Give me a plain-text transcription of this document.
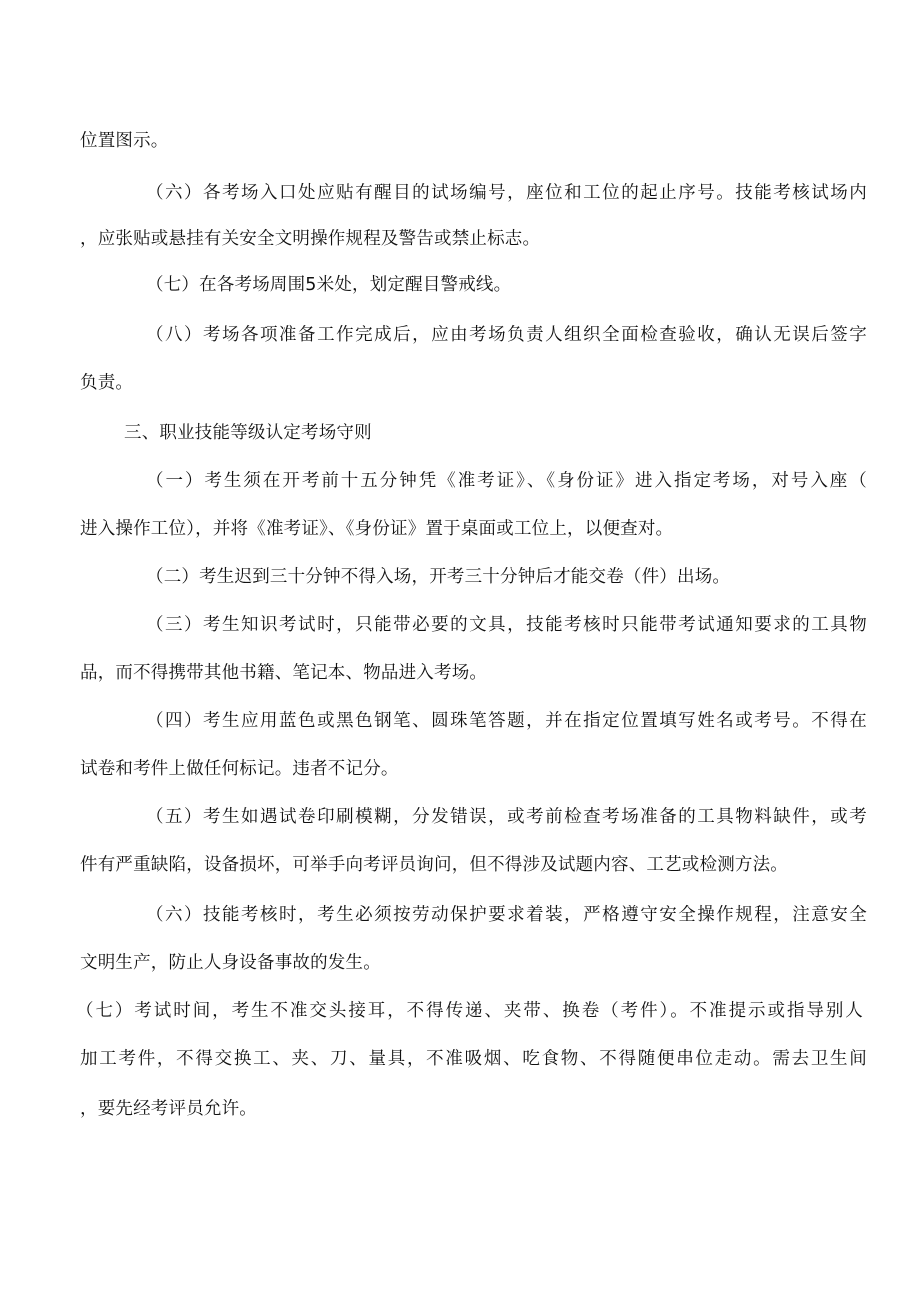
位置图示。
（六）各考场入口处应贴有醒目的试场编号，座位和工位的起止序号。技能考核试场内
，应张贴或悬挂有关安全文明操作规程及警告或禁止标志。
（七）在各考场周围5米处，划定醒目警戒线。
（八）考场各项准备工作完成后，应由考场负责人组织全面检查验收，确认无误后签字
负责。
三、职业技能等级认定考场守则
（一）考生须在开考前十五分钟凭《准考证》、《身份证》进入指定考场，对号入座（
进入操作工位），并将《准考证》、《身份证》置于桌面或工位上，以便查对。
（二）考生迟到三十分钟不得入场，开考三十分钟后才能交卷（件）出场。
（三）考生知识考试时，只能带必要的文具，技能考核时只能带考试通知要求的工具物
品，而不得携带其他书籍、笔记本、物品进入考场。
（四）考生应用蓝色或黑色钢笔、圆珠笔答题，并在指定位置填写姓名或考号。不得在
试卷和考件上做任何标记。违者不记分。
（五）考生如遇试卷印刷模糊，分发错误，或考前检查考场准备的工具物料缺件，或考
件有严重缺陷，设备损坏，可举手向考评员询问，但不得涉及试题内容、工艺或检测方法。
（六）技能考核时，考生必须按劳动保护要求着装，严格遵守安全操作规程，注意安全
文明生产，防止人身设备事故的发生。
（七）考试时间，考生不准交头接耳，不得传递、夹带、换卷（考件）。不准提示或指导别人
加工考件，不得交换工、夹、刀、量具，不准吸烟、吃食物、不得随便串位走动。需去卫生间
，要先经考评员允许。
